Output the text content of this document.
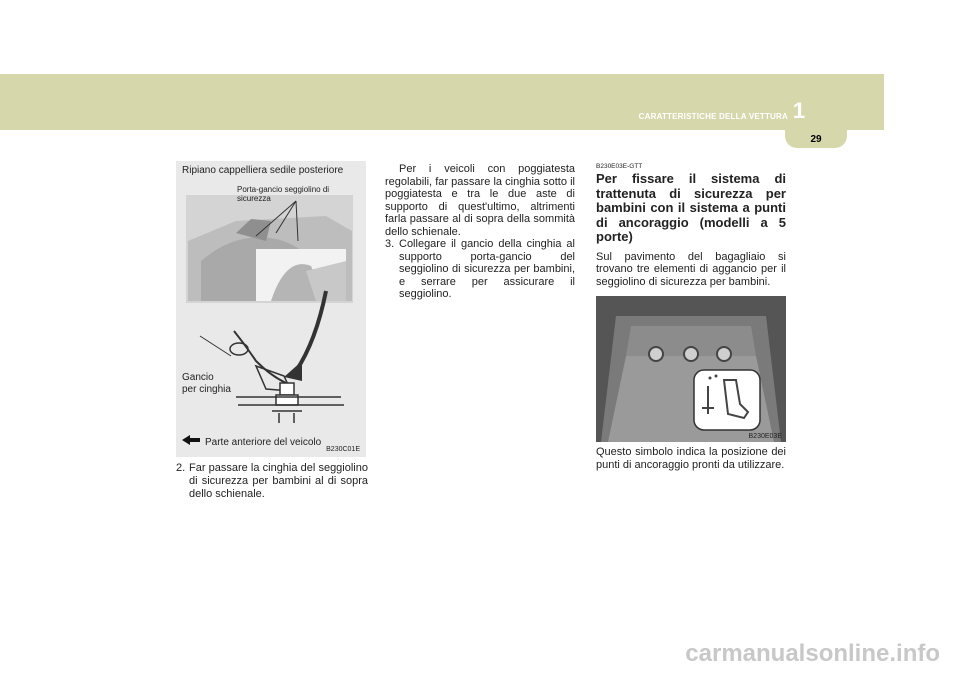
CARATTERISTICHE DELLA VETTURA 1
29
Ripiano cappelliera sedile posteriore
Porta-gancio seggiolino di sicurezza
Gancio
per cinghia
Parte anteriore del veicolo
B230C01E
2. Far passare la cinghia del seggiolino di sicurezza per bambini al di sopra dello schienale.

Per i veicoli con poggiatesta regolabili, far passare la cinghia sotto il poggiatesta e tra le due aste di supporto di quest'ultimo, altrimenti farla passare al di sopra della sommità dello schienale.

3. Collegare il gancio della cinghia al supporto porta-gancio del seggiolino di sicurezza per bambini, e serrare per assicurare il seggiolino.

B230E03E-GTT
Per fissare il sistema di trattenuta di sicurezza per bambini con il sistema a punti di ancoraggio (modelli a 5 porte)
Sul pavimento del bagagliaio si trovano tre elementi di aggancio per il seggiolino di sicurezza per bambini.
B230E03E
Questo simbolo indica la posizione dei punti di ancoraggio pronti da utilizzare.
carmanualsonline.info
